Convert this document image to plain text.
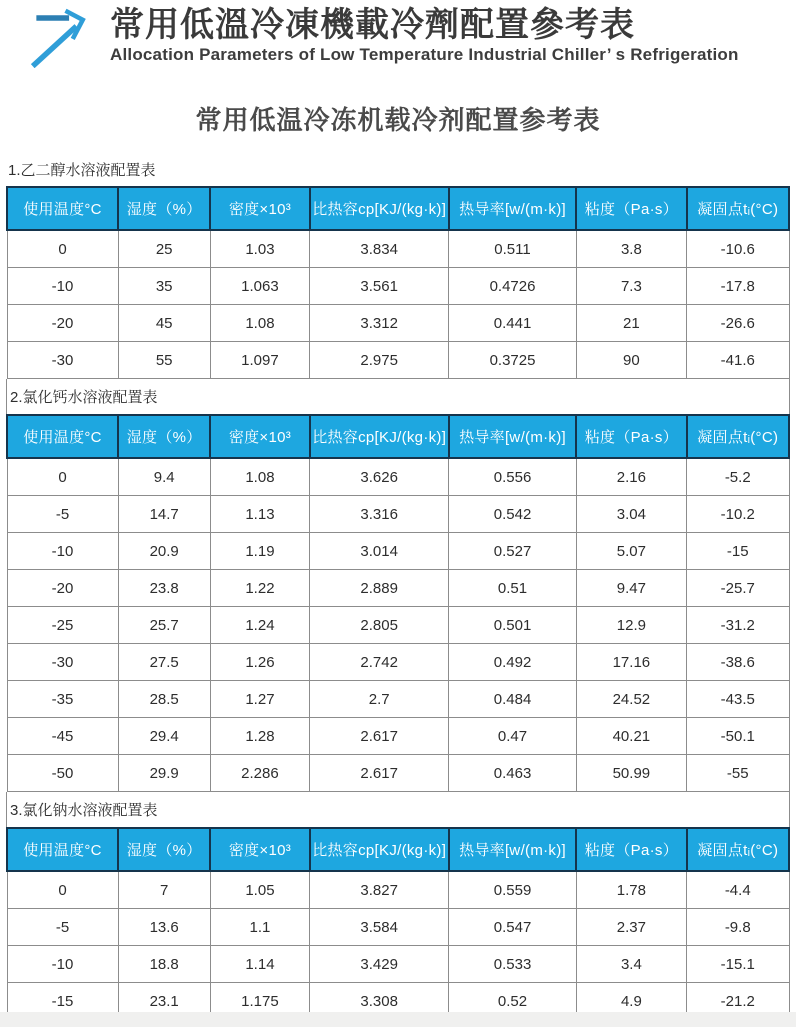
常用低溫冷凍機載冷劑配置參考表
Allocation Parameters of Low Temperature Industrial Chiller’ s Refrigeration
常用低温冷冻机载冷剂配置参考表
1.乙二醇水溶液配置表
使用温度°C	湿度（%）	密度×10³	比热容cp[KJ/(kg·k)]	热导率[w/(m·k)]	粘度（Pa·s）	凝固点tᵢ(°C)
0	25	1.03	3.834	0.511	3.8	-10.6
-10	35	1.063	3.561	0.4726	7.3	-17.8
-20	45	1.08	3.312	0.441	21	-26.6
-30	55	1.097	2.975	0.3725	90	-41.6
2.氯化钙水溶液配置表
使用温度°C	湿度（%）	密度×10³	比热容cp[KJ/(kg·k)]	热导率[w/(m·k)]	粘度（Pa·s）	凝固点tᵢ(°C)
0	9.4	1.08	3.626	0.556	2.16	-5.2
-5	14.7	1.13	3.316	0.542	3.04	-10.2
-10	20.9	1.19	3.014	0.527	5.07	-15
-20	23.8	1.22	2.889	0.51	9.47	-25.7
-25	25.7	1.24	2.805	0.501	12.9	-31.2
-30	27.5	1.26	2.742	0.492	17.16	-38.6
-35	28.5	1.27	2.7	0.484	24.52	-43.5
-45	29.4	1.28	2.617	0.47	40.21	-50.1
-50	29.9	2.286	2.617	0.463	50.99	-55
3.氯化钠水溶液配置表
使用温度°C	湿度（%）	密度×10³	比热容cp[KJ/(kg·k)]	热导率[w/(m·k)]	粘度（Pa·s）	凝固点tᵢ(°C)
0	7	1.05	3.827	0.559	1.78	-4.4
-5	13.6	1.1	3.584	0.547	2.37	-9.8
-10	18.8	1.14	3.429	0.533	3.4	-15.1
-15	23.1	1.175	3.308	0.52	4.9	-21.2
